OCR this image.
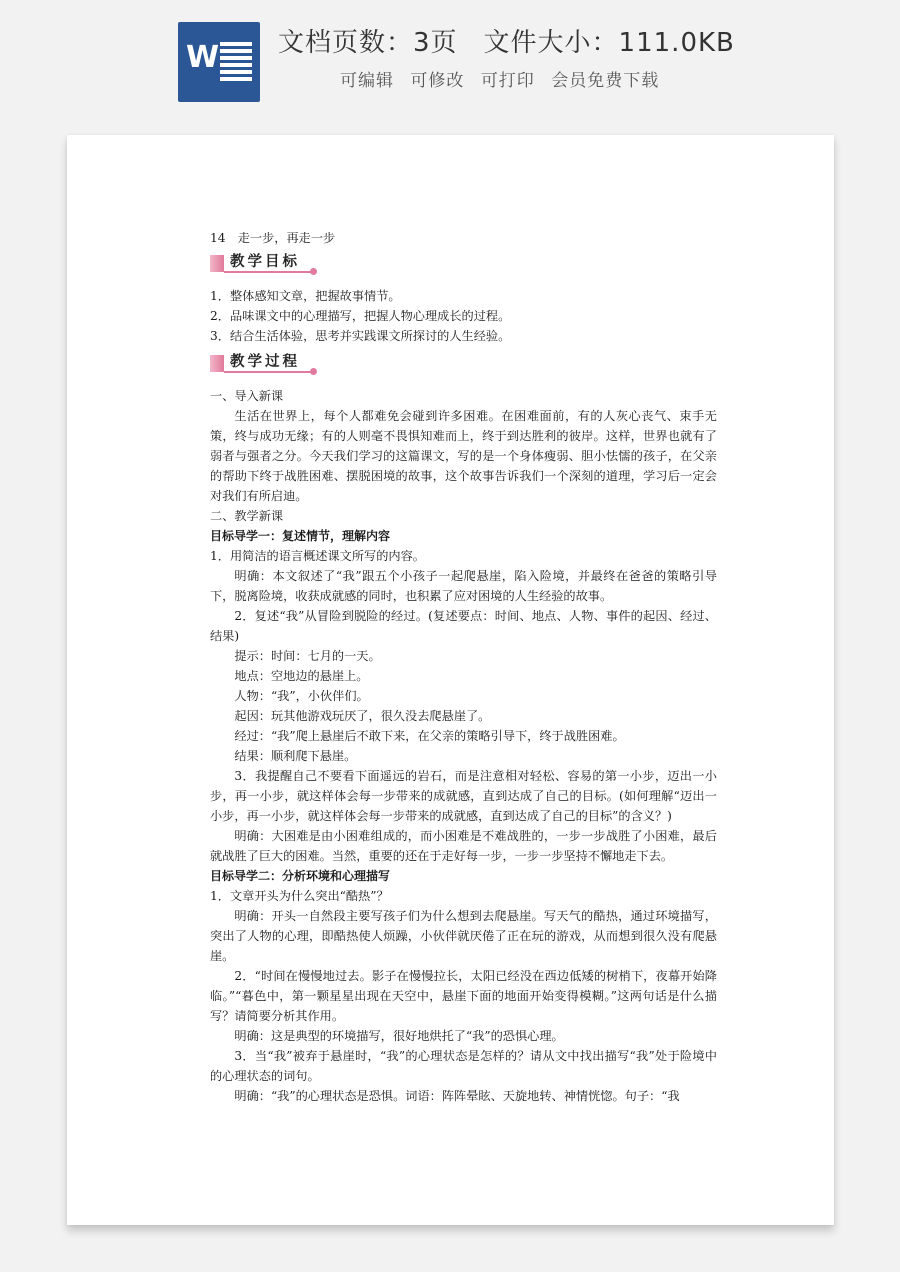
W 文档页数：3页 文件大小：111.0KB
可编辑 可修改 可打印 会员免费下载

14　走一步，再走一步

教学目标

1．整体感知文章，把握故事情节。

2．品味课文中的心理描写，把握人物心理成长的过程。

3．结合生活体验，思考并实践课文所探讨的人生经验。

教学过程

一、导入新课

生活在世界上，每个人都难免会碰到许多困难。在困难面前，有的人灰心丧气、束手无策，终与成功无缘；有的人则毫不畏惧知难而上，终于到达胜利的彼岸。这样，世界也就有了弱者与强者之分。今天我们学习的这篇课文，写的是一个身体瘦弱、胆小怯懦的孩子，在父亲的帮助下终于战胜困难、摆脱困境的故事，这个故事告诉我们一个深刻的道理，学习后一定会对我们有所启迪。

二、教学新课

目标导学一：复述情节，理解内容

1．用简洁的语言概述课文所写的内容。

明确：本文叙述了“我”跟五个小孩子一起爬悬崖，陷入险境，并最终在爸爸的策略引导下，脱离险境，收获成就感的同时，也积累了应对困境的人生经验的故事。

2．复述“我”从冒险到脱险的经过。(复述要点：时间、地点、人物、事件的起因、经过、结果)

提示：时间：七月的一天。

地点：空地边的悬崖上。

人物：“我”，小伙伴们。

起因：玩其他游戏玩厌了，很久没去爬悬崖了。

经过：“我”爬上悬崖后不敢下来，在父亲的策略引导下，终于战胜困难。

结果：顺利爬下悬崖。

3．我提醒自己不要看下面遥远的岩石，而是注意相对轻松、容易的第一小步，迈出一小步，再一小步，就这样体会每一步带来的成就感，直到达成了自己的目标。(如何理解“迈出一小步，再一小步，就这样体会每一步带来的成就感，直到达成了自己的目标”的含义？)

明确：大困难是由小困难组成的，而小困难是不难战胜的，一步一步战胜了小困难，最后就战胜了巨大的困难。当然，重要的还在于走好每一步，一步一步坚持不懈地走下去。

目标导学二：分析环境和心理描写

1．文章开头为什么突出“酷热”？

明确：开头一自然段主要写孩子们为什么想到去爬悬崖。写天气的酷热，通过环境描写，突出了人物的心理，即酷热使人烦躁，小伙伴就厌倦了正在玩的游戏，从而想到很久没有爬悬崖。

2．“时间在慢慢地过去。影子在慢慢拉长，太阳已经没在西边低矮的树梢下，夜幕开始降临。”“暮色中，第一颗星星出现在天空中，悬崖下面的地面开始变得模糊。”这两句话是什么描写？请简要分析其作用。

明确：这是典型的环境描写，很好地烘托了“我”的恐惧心理。

3．当“我”被弃于悬崖时，“我”的心理状态是怎样的？请从文中找出描写“我”处于险境中的心理状态的词句。

明确：“我”的心理状态是恐惧。词语：阵阵晕眩、天旋地转、神情恍惚。句子：“我
